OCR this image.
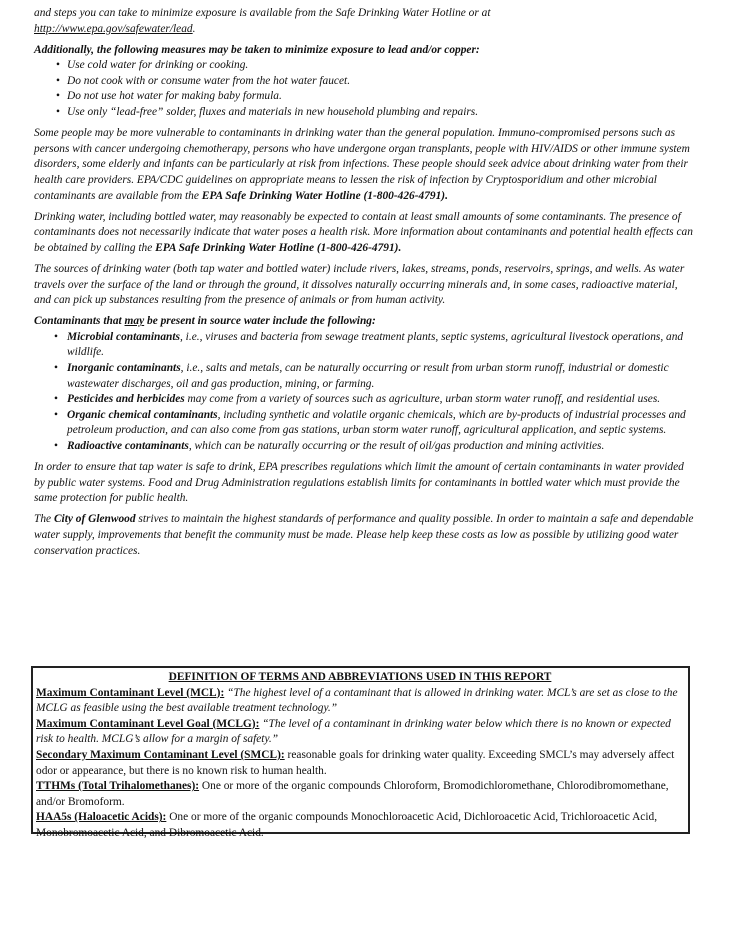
and steps you can take to minimize exposure is available from the Safe Drinking Water Hotline or at
http://www.epa.gov/safewater/lead.

Additionally, the following measures may be taken to minimize exposure to lead and/or copper:

• Use cold water for drinking or cooking.
• Do not cook with or consume water from the hot water faucet.
• Do not use hot water for making baby formula.
• Use only “lead-free” solder, fluxes and materials in new household plumbing and repairs.

Some people may be more vulnerable to contaminants in drinking water than the general population. Immuno-compromised persons such as persons with cancer undergoing chemotherapy, persons who have undergone organ transplants, people with HIV/AIDS or other immune system disorders, some elderly and infants can be particularly at risk from infections. These people should seek advice about drinking water from their health care providers. EPA/CDC guidelines on appropriate means to lessen the risk of infection by Cryptosporidium and other microbial contaminants are available from the EPA Safe Drinking Water Hotline (1-800-426-4791).

Drinking water, including bottled water, may reasonably be expected to contain at least small amounts of some contaminants. The presence of contaminants does not necessarily indicate that water poses a health risk. More information about contaminants and potential health effects can be obtained by calling the EPA Safe Drinking Water Hotline (1-800-426-4791).

The sources of drinking water (both tap water and bottled water) include rivers, lakes, streams, ponds, reservoirs, springs, and wells. As water travels over the surface of the land or through the ground, it dissolves naturally occurring minerals and, in some cases, radioactive material, and can pick up substances resulting from the presence of animals or from human activity.

Contaminants that may be present in source water include the following:

• Microbial contaminants, i.e., viruses and bacteria from sewage treatment plants, septic systems, agricultural livestock operations, and wildlife.
• Inorganic contaminants, i.e., salts and metals, can be naturally occurring or result from urban storm runoff, industrial or domestic wastewater discharges, oil and gas production, mining, or farming.
• Pesticides and herbicides may come from a variety of sources such as agriculture, urban storm water runoff, and residential uses.
• Organic chemical contaminants, including synthetic and volatile organic chemicals, which are by-products of industrial processes and petroleum production, and can also come from gas stations, urban storm water runoff, agricultural application, and septic systems.
• Radioactive contaminants, which can be naturally occurring or the result of oil/gas production and mining activities.

In order to ensure that tap water is safe to drink, EPA prescribes regulations which limit the amount of certain contaminants in water provided by public water systems. Food and Drug Administration regulations establish limits for contaminants in bottled water which must provide the same protection for public health.

The City of Glenwood strives to maintain the highest standards of performance and quality possible. In order to maintain a safe and dependable water supply, improvements that benefit the community must be made. Please help keep these costs as low as possible by utilizing good water conservation practices.

DEFINITION OF TERMS AND ABBREVIATIONS USED IN THIS REPORT
Maximum Contaminant Level (MCL): “The highest level of a contaminant that is allowed in drinking water. MCL’s are set as close to the MCLG as feasible using the best available treatment technology.”
Maximum Contaminant Level Goal (MCLG): “The level of a contaminant in drinking water below which there is no known or expected risk to health. MCLG’s allow for a margin of safety.”
Secondary Maximum Contaminant Level (SMCL): reasonable goals for drinking water quality. Exceeding SMCL’s may adversely affect odor or appearance, but there is no known risk to human health.
TTHMs (Total Trihalomethanes): One or more of the organic compounds Chloroform, Bromodichloromethane, Chlorodibromomethane, and/or Bromoform.
HAA5s (Haloacetic Acids): One or more of the organic compounds Monochloroacetic Acid, Dichloroacetic Acid, Trichloroacetic Acid, Monobromoacetic Acid, and Dibromoacetic Acid.
